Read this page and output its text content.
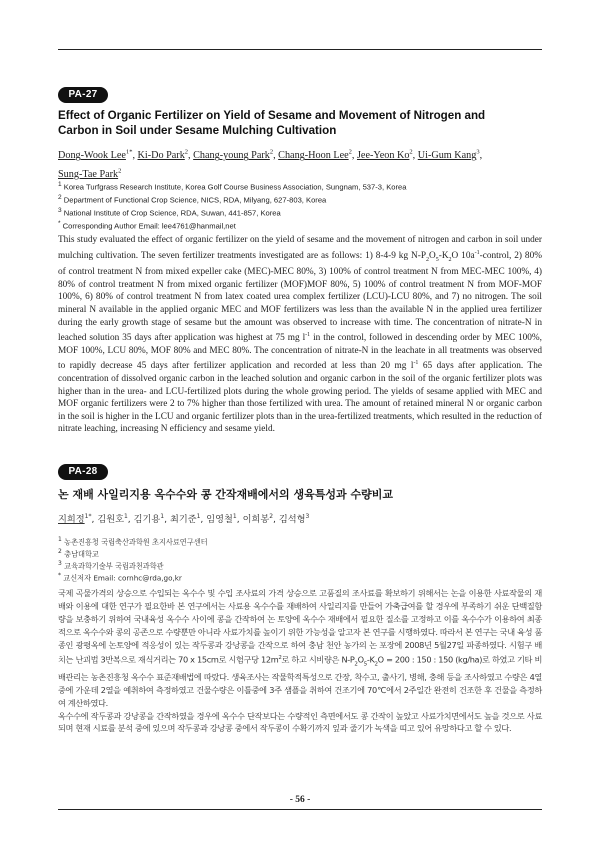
PA-27
Effect of Organic Fertilizer on Yield of Sesame and Movement of Nitrogen and
Carbon in Soil under Sesame Mulching Cultivation
Dong-Wook Lee$^{1*}$, Ki-Do Park$^2$, Chang-young Park$^2$, Chang-Hoon Lee$^2$, Jee-Yeon Ko$^2$, Ui-Gum Kang$^3$,
Sung-Tae Park$^2$
$^1$ Korea Turfgrass Research Institute, Korea Golf Course Business Association, Sungnam, 537-3, Korea
$^2$ Department of Functional Crop Science, NICS, RDA, Milyang, 627-803, Korea
$^3$ National Institute of Crop Science, RDA, Suwan, 441-857, Korea
* Corresponding Author Email: lee4761@hanmail,net
This study evaluated the effect of organic fertilizer on the yield of sesame and the movement of nitrogen and carbon in soil under mulching cultivation. The seven fertilizer treatments investigated are as follows: 1) 8-4-9 kg $N-P_2O_5-K_2O$ $10a^{-1}$-control, 2) 80% of control treatment N from mixed expeller cake (MEC)-MEC 80%, 3) 100% of control treatment N from MEC-MEC 100%, 4) 80% of control treatment N from mixed organic fertilizer (MOF)MOF 80%, 5) 100% of control treatment N from MOF-MOF 100%, 6) 80% of control treatment N from latex coated urea complex fertilizer (LCU)-LCU 80%, and 7) no nitrogen. The soil mineral N available in the applied organic MEC and MOF fertilizers was less than the available N in the applied urea fertilizer during the early growth stage of sesame but the amount was observed to increase with time. The concentration of nitrate-N in leached solution 35 days after application was highest at 75 mg $l^{-1}$ in the control, followed in descending order by MEC 100%, MOF 100%, LCU 80%, MOF 80% and MEC 80%. The concentration of nitrate-N in the leachate in all treatments was observed to rapidly decrease 45 days after fertilizer application and recorded at less than 20 mg $l^{-1}$ 65 days after application. The concentration of dissolved organic carbon in the leached solution and organic carbon in the soil of the organic fertilizer plots was higher than in the urea- and LCU-fertilized plots during the whole growing period. The yields of sesame applied with MEC and MOF organic fertilizers were 2 to 7% higher than those fertilized with urea. The amount of retained mineral N or organic carbon in the soil is higher in the LCU and organic fertilizer plots than in the urea-fertilized treatments, which resulted in the reduction of nitrate leaching, increasing N efficiency and sesame yield.
PA-28
논 재배 사일리지용 옥수수와 콩 간작재배에서의 생육특성과 수량비교
지희정$^{1*}$, 김원호$^1$, 김기용$^1$, 최기준$^1$, 임영철$^1$, 이희봉$^2$, 김석형$^3$
$^1$ 농촌진흥청 국립축산과학원 초지사료연구센터
$^2$ 충남대학교
$^3$ 교육과학기술부 국립과천과학관
* 교신저자 Email: cornhc@rda,go,kr
국제 곡물가격의 상승으로 수입되는 옥수수 및 수입 조사료의 가격 상승으로 고품질의 조사료를 확보하기 위해서는 논을 이용한 사료작물의 재배와 이용에 대한 연구가 필요한바 본 연구에서는 사료용 옥수수를 재배하여 사일리지를 만들어 가축급여를 할 경우에 부족하기 쉬운 단백질함량을 보충하기 위하여 국내육성 옥수수 사이에 콩을 간작하여 논 토양에 옥수수 재배에서 필요한 질소를 고정하고 이를 옥수수가 이용하여 최종적으로 옥수수와 콩의 공존으로 수량뿐만 아니라 사료가치를 높이기 위한 가능성을 알고자 본 연구를 시행하였다. 따라서 본 연구는 국내 육성 품종인 광평옥에 논토양에 적응성이 있는 작두콩과 강낭콩을 간작으로 하여 충남 천안 농가의 논 포장에 2008년 5월27일 파종하였다. 시험구 배치는 난괴법 3반복으로 재식거리는 70 x 15cm로 시험구당 $12m^2$로 하고 시비량은 $N-P_2O_5-K_2O = 200$ : 150 : 150 (kg/ha)로 하였고 기타 비배관리는 농촌진흥청 옥수수 표준재배법에 따랐다. 생육조사는 작물학적특성으로 간장, 착수고, 출사기, 병해, 충해 등을 조사하였고 수량은 4열중에 가운데 2열을 예취하여 측정하였고 건물수량은 이틀중에 3주 샘플을 취하여 건조기에 70℃에서 2주일간 완전히 건조한 후 건물을 측정하여 계산하였다.
옥수수에 작두콩과 강낭콩을 간작하였을 경우에 옥수수 단작보다는 수량적인 측면에서도 콩 간작이 높았고 사료가치면에서도 높을 것으로 사료되며 현재 시료를 분석 중에 있으며 작두콩과 강낭콩 중에서 작두콩이 수확기까지 잎과 줄기가 녹색을 띠고 있어 유망하다고 할 수 있다.
- 56 -
